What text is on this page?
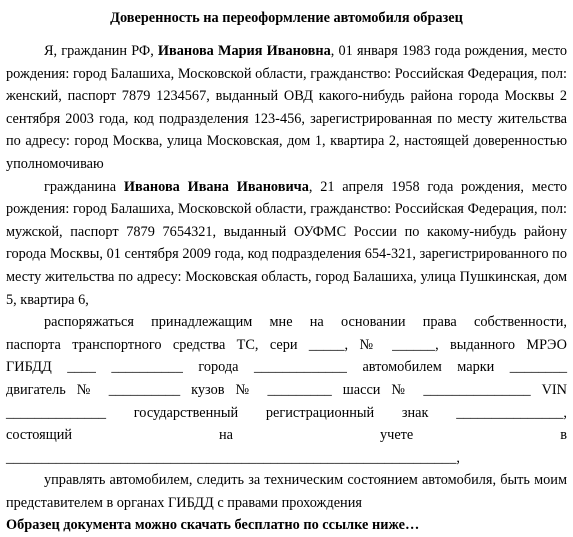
Доверенность на переоформление автомобиля образец
Я, гражданин РФ, Иванова Мария Ивановна, 01 января 1983 года рождения, место рождения: город Балашиха, Московской области, гражданство: Российская Федерация, пол: женский, паспорт 7879 1234567, выданный ОВД какого-нибудь района города Москвы 2 сентября 2003 года, код подразделения 123-456, зарегистрированная по месту жительства по адресу: город Москва, улица Московская, дом 1, квартира 2, настоящей доверенностью уполномочиваю
гражданина Иванова Ивана Ивановича, 21 апреля 1958 года рождения, место рождения: город Балашиха, Московской области, гражданство: Российская Федерация, пол: мужской, паспорт 7879 7654321, выданный ОУФМС России по какому-нибудь району города Москвы, 01 сентября 2009 года, код подразделения 654-321, зарегистрированного по месту жительства по адресу: Московская область, город Балашиха, улица Пушкинская, дом 5, квартира 6,
распоряжаться принадлежащим мне на основании права собственности,
паспорта транспортного средства ТС, сери _____, № ______, выданного МРЭО
ГИБДД ____ __________ города _____________ автомобилем марки ________
двигатель № __________ кузов № _________ шасси № _______________ VIN
______________ государственный регистрационный знак _______________,
состоящий на учете в
_______________________________________________________________,
управлять автомобилем, следить за техническим состоянием автомобиля, быть моим представителем в органах ГИБДД с правами прохождения
Образец документа можно скачать бесплатно по ссылке ниже…
